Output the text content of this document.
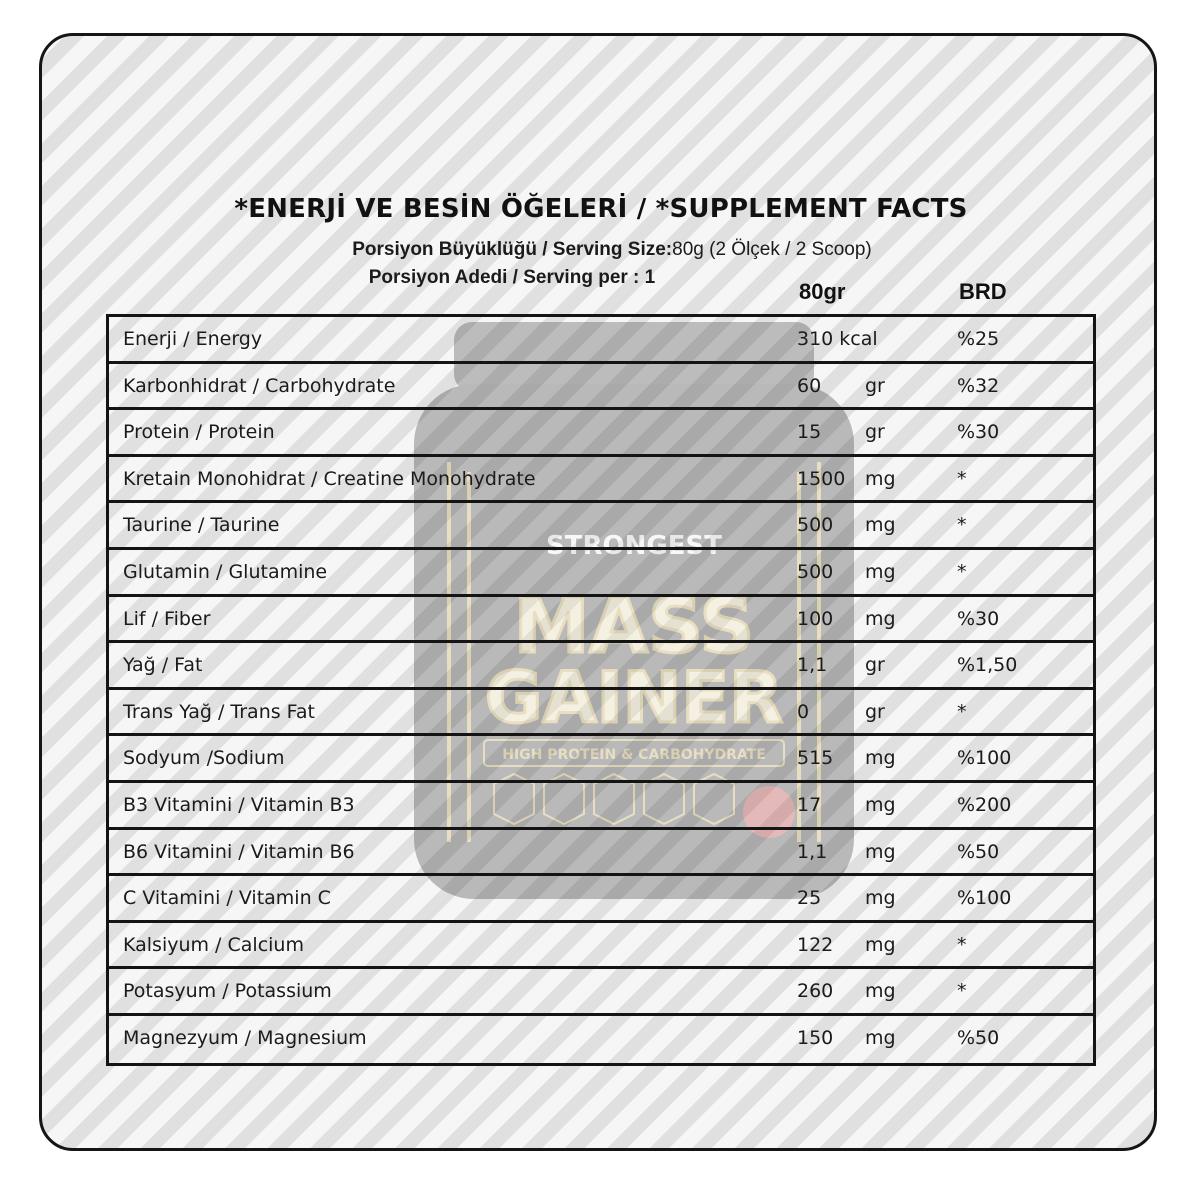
STRONGEST
MASS
GAINER
HIGH PROTEIN & CARBOHYDRATE
*ENERJİ VE BESİN ÖĞELERİ / *SUPPLEMENT FACTS
Porsiyon Büyüklüğü / Serving Size:80g (2 Ölçek / 2 Scoop)
Porsiyon Adedi / Serving per : 1
80gr	BRD
Enerji / Energy	310 kcal	%25
Karbonhidrat / Carbohydrate	60 gr	%32
Protein / Protein	15 gr	%30
Kretain Monohidrat / Creatine Monohydrate	1500 mg	*
Taurine / Taurine	500 mg	*
Glutamin / Glutamine	500 mg	*
Lif / Fiber	100 mg	%30
Yağ / Fat	1,1 gr	%1,50
Trans Yağ / Trans Fat	0	gr	*
Sodyum /Sodium	515 mg	%100
B3 Vitamini / Vitamin B3	17 mg	%200
B6 Vitamini / Vitamin B6	1,1 mg	%50
C Vitamini / Vitamin C	25 mg	%100
Kalsiyum / Calcium	122 mg	*
Potasyum / Potassium	260 mg	*
Magnezyum / Magnesium	150 mg	%50
